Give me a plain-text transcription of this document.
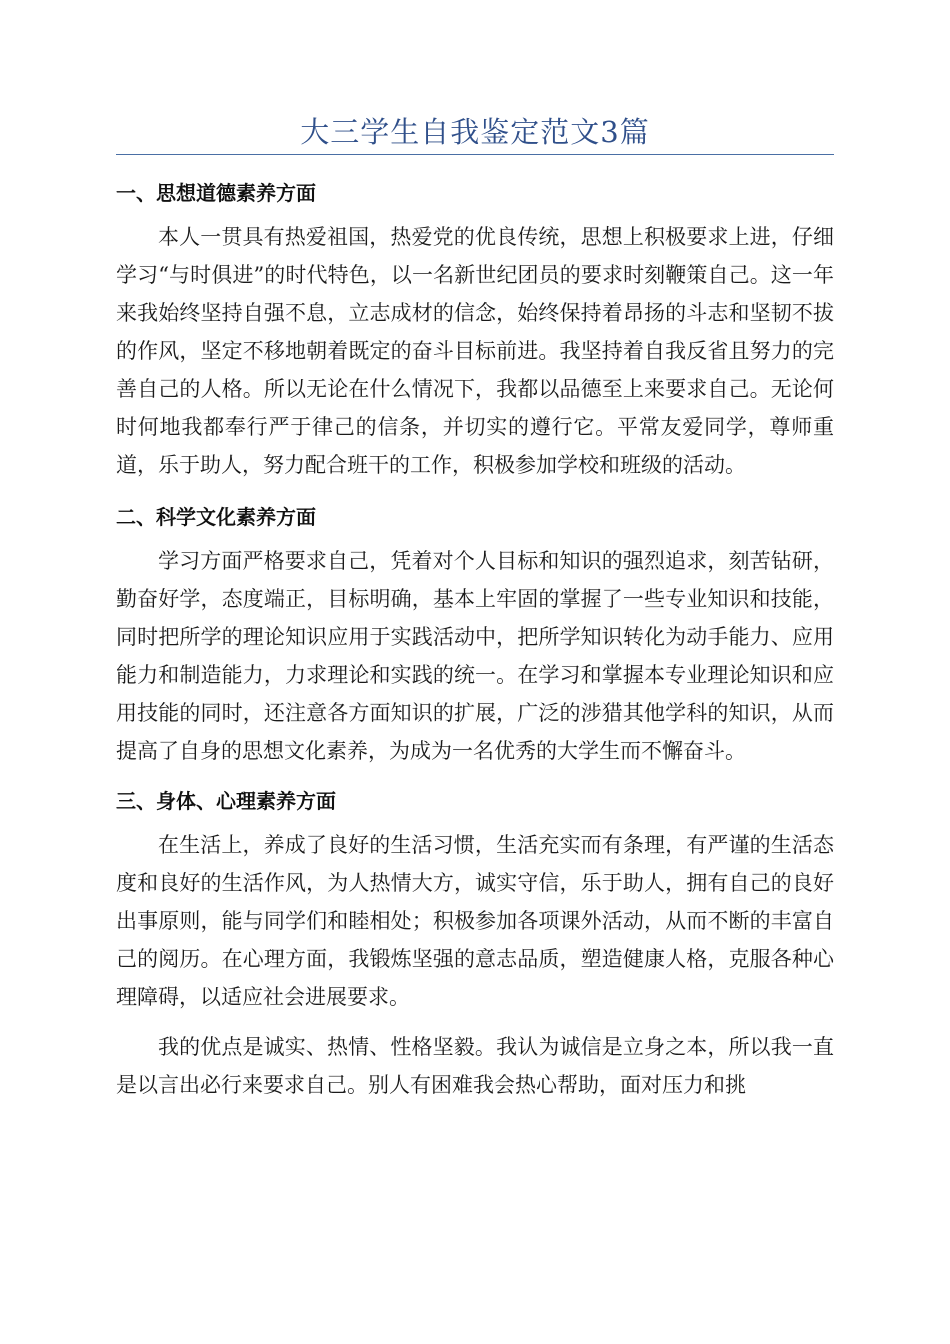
大三学生自我鉴定范文3篇
一、思想道德素养方面

本人一贯具有热爱祖国，热爱党的优良传统，思想上积极要求上进，仔细学习“与时俱进”的时代特色，以一名新世纪团员的要求时刻鞭策自己。这一年来我始终坚持自强不息，立志成材的信念，始终保持着昂扬的斗志和坚韧不拔的作风，坚定不移地朝着既定的奋斗目标前进。我坚持着自我反省且努力的完善自己的人格。所以无论在什么情况下，我都以品德至上来要求自己。无论何时何地我都奉行严于律己的信条，并切实的遵行它。平常友爱同学，尊师重道，乐于助人，努力配合班干的工作，积极参加学校和班级的活动。

二、科学文化素养方面

学习方面严格要求自己，凭着对个人目标和知识的强烈追求，刻苦钻研，勤奋好学，态度端正，目标明确，基本上牢固的掌握了一些专业知识和技能，同时把所学的理论知识应用于实践活动中，把所学知识转化为动手能力、应用能力和制造能力，力求理论和实践的统一。在学习和掌握本专业理论知识和应用技能的同时，还注意各方面知识的扩展，广泛的涉猎其他学科的知识，从而提高了自身的思想文化素养，为成为一名优秀的大学生而不懈奋斗。

三、身体、心理素养方面

在生活上，养成了良好的生活习惯，生活充实而有条理，有严谨的生活态度和良好的生活作风，为人热情大方，诚实守信，乐于助人，拥有自己的良好出事原则，能与同学们和睦相处；积极参加各项课外活动，从而不断的丰富自己的阅历。在心理方面，我锻炼坚强的意志品质，塑造健康人格，克服各种心理障碍，以适应社会进展要求。

我的优点是诚实、热情、性格坚毅。我认为诚信是立身之本，所以我一直是以言出必行来要求自己。别人有困难我会热心帮助，面对压力和挑
